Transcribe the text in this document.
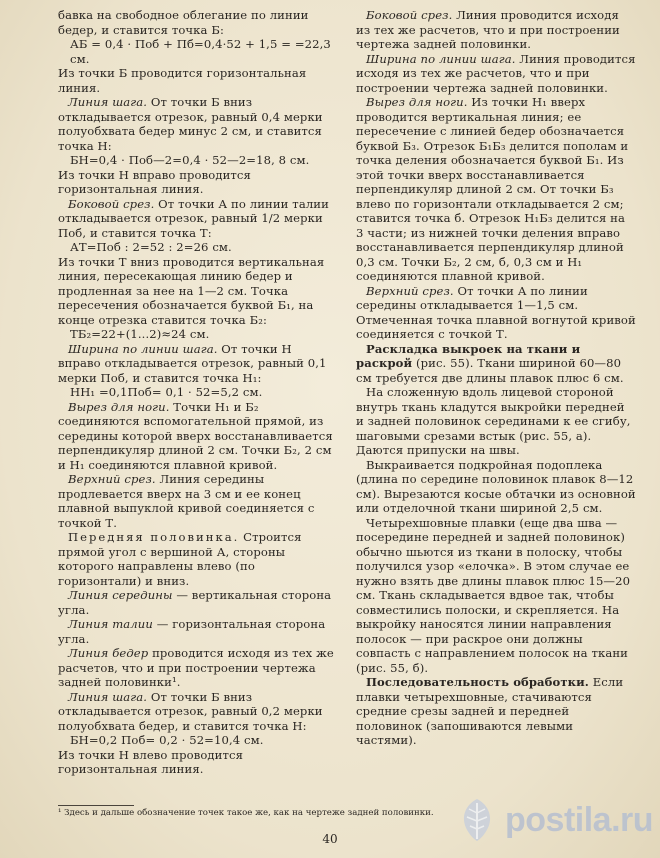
бавка на свободное облегание по линии бедер, и ставится точка Б:

АБ = 0,4 · Поб + Пб=0,4·52 + 1,5 = =22,3 см.

Из точки Б проводится горизонтальная линия.

Линия шага. От точки Б вниз откладывается отрезок, равный 0,4 мерки полуобхвата бедер минус 2 см, и ставится точка Н:

БН=0,4 · Поб—2=0,4 · 52—2=18, 8 см.

Из точки Н вправо проводится горизонтальная линия.

Боковой срез. От точки А по линии талии откладывается отрезок, равный 1/2 мерки Поб, и ставится точка Т:

АТ=Поб : 2=52 : 2=26 см.

Из точки Т вниз проводится вертикальная линия, пересекающая линию бедер и продленная за нее на 1—2 см. Точка пересечения обозначается буквой Б₁, на конце отрезка ставится точка Б₂:

ТБ₂=22+(1...2)≈24 см.

Ширина по линии шага. От точки Н вправо откладывается отрезок, равный 0,1 мерки Поб, и ставится точка Н₁:

НН₁ =0,1Поб= 0,1 · 52=5,2 см.

Вырез для ноги. Точки Н₁ и Б₂ соединяются вспомогательной прямой, из середины которой вверх восстанавливается перпендикуляр длиной 2 см. Точки Б₂, 2 см и Н₁ соединяются плавной кривой.

Верхний срез. Линия середины продлевается вверх на 3 см и ее конец плавной выпуклой кривой соединяется с точкой Т.

Передняя половинка. Строится прямой угол с вершиной А, стороны которого направлены влево (по горизонтали) и вниз.

Линия середины — вертикальная сторона угла.

Линия талии — горизонтальная сторона угла.

Линия бедер проводится исходя из тех же расчетов, что и при построении чертежа задней половинки¹.

Линия шага. От точки Б вниз откладывается отрезок, равный 0,2 мерки полуобхвата бедер, и ставится точка Н:

БН=0,2 Поб= 0,2 · 52=10,4 см.

Из точки Н влево проводится горизонтальная линия.

Боковой срез. Линия проводится исходя из тех же расчетов, что и при построении чертежа задней половинки.

Ширина по линии шага. Линия проводится исходя из тех же расчетов, что и при построении чертежа задней половинки.

Вырез для ноги. Из точки Н₁ вверх проводится вертикальная линия; ее пересечение с линией бедер обозначается буквой Б₃. Отрезок Б₁Б₃ делится пополам и точка деления обозначается буквой Б₁. Из этой точки вверх восстанавливается перпендикуляр длиной 2 см. От точки Б₃ влево по горизонтали откладывается 2 см; ставится точка б. Отрезок Н₁Б₃ делится на 3 части; из нижней точки деления вправо восстанавливается перпендикуляр длиной 0,3 см. Точки Б₂, 2 см, б, 0,3 см и Н₁ соединяются плавной кривой.

Верхний срез. От точки А по линии середины откладывается 1—1,5 см. Отмеченная точка плавной вогнутой кривой соединяется с точкой Т.

Раскладка выкроек на ткани и раскрой (рис. 55). Ткани шириной 60—80 см требуется две длины плавок плюс 6 см.

На сложенную вдоль лицевой стороной внутрь ткань кладутся выкройки передней и задней половинок серединами к ее сгибу, шаговыми срезами встык (рис. 55, а). Даются припуски на швы.

Выкраивается подкройная подоплека (длина по середине половинок плавок 8—12 см). Вырезаются косые обтачки из основной или отделочной ткани шириной 2,5 см.

Четырехшовные плавки (еще два шва — посередине передней и задней половинок) обычно шьются из ткани в полоску, чтобы получился узор «елочка». В этом случае ее нужно взять две длины плавок плюс 15—20 см. Ткань складывается вдвое так, чтобы совместились полоски, и скрепляется. На выкройку наносятся линии направления полосок — при раскрое они должны совпасть с направлением полосок на ткани (рис. 55, б).

Последовательность обработки. Если плавки четырехшовные, стачиваются средние срезы задней и передней половинок (запошиваются левыми частями).

¹ Здесь и дальше обозначение точек такое же, как на чертеже задней половинки.	postila.ru
40
